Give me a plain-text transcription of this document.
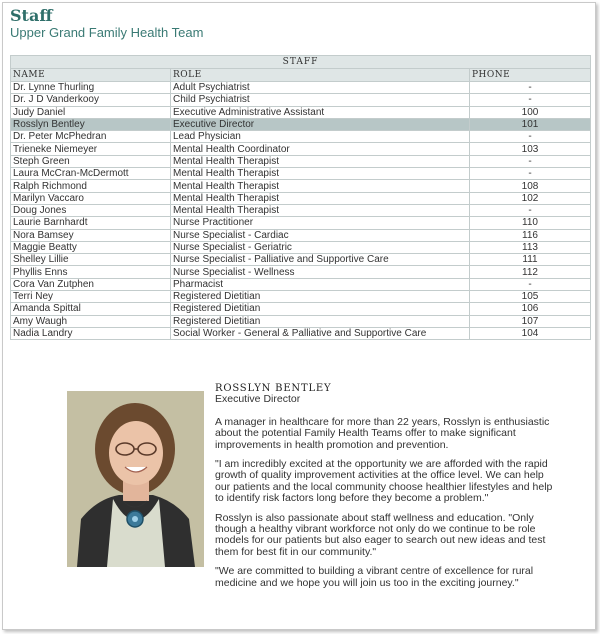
Staff
Upper Grand Family Health Team
STAFF		
NAME	ROLE	PHONE
Dr. Lynne Thurling	Adult Psychiatrist	-
Dr. J D Vanderkooy	Child Psychiatrist	-
Judy Daniel	Executive Administrative Assistant	100
Rosslyn Bentley	Executive Director	101
Dr. Peter McPhedran	Lead Physician	-
Trieneke Niemeyer	Mental Health Coordinator	103
Steph Green	Mental Health Therapist	-
Laura McCran-McDermott	Mental Health Therapist	-
Ralph Richmond	Mental Health Therapist	108
Marilyn Vaccaro	Mental Health Therapist	102
Doug Jones	Mental Health Therapist	-
Laurie Barnhardt	Nurse Practitioner	110
Nora Bamsey	Nurse Specialist - Cardiac	116
Maggie Beatty	Nurse Specialist - Geriatric	113
Shelley Lillie	Nurse Specialist - Palliative and Supportive Care	111
Phyllis Enns	Nurse Specialist - Wellness	112
Cora Van Zutphen	Pharmacist	-
Terri Ney	Registered Dietitian	105
Amanda Spittal	Registered Dietitian	106
Amy Waugh	Registered Dietitian	107
Nadia Landry	Social Worker - General & Palliative and Supportive Care	104
ROSSLYN BENTLEY
Executive Director

A manager in healthcare for more than 22 years, Rosslyn is enthusiastic about the potential Family Health Teams offer to make significant improvements in health promotion and prevention.

"I am incredibly excited at the opportunity we are afforded with the rapid growth of quality improvement activities at the office level. We can help our patients and the local community choose healthier lifestyles and help to identify risk factors long before they become a problem."

Rosslyn is also passionate about staff wellness and education. "Only though a healthy vibrant workforce not only do we continue to be role models for our patients but also eager to search out new ideas and test them for best fit in our community."

"We are committed to building a vibrant centre of excellence for rural medicine and we hope you will join us too in the exciting journey."
